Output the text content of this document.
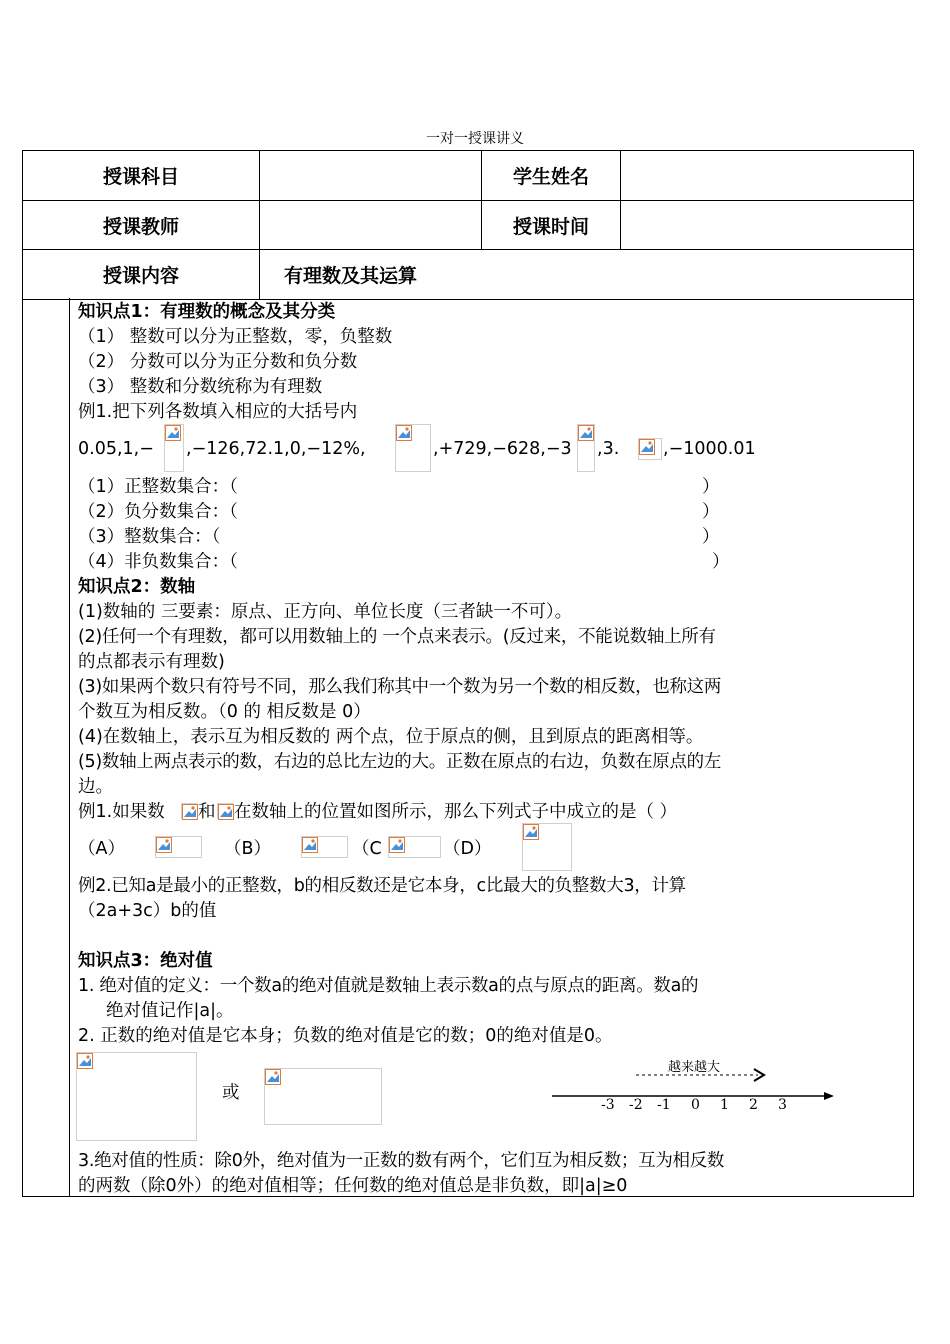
一对一授课讲义
授课科目		学生姓名	
授课教师		授课时间	
授课内容	有理数及其运算		
知识点1：有理数的概念及其分类
（1） 整数可以分为正整数，零，负整数
（2） 分数可以分为正分数和负分数
（3） 整数和分数统称为有理数
例1.把下列各数填入相应的大括号内
0.05,1,− ,−126,72.1,0,−12%,	,+729,−628,−3 ,3. ,−1000.01
（1）正整数集合：（	）
（2）负分数集合：（	）
（3）整数集合：（	）
（4）非负数集合：（	）
知识点2：数轴
(1)数轴的 三要素：原点、正方向、单位长度（三者缺一不可）。
(2)任何一个有理数，都可以用数轴上的 一个点来表示。(反过来，不能说数轴上所有
的点都表示有理数)
(3)如果两个数只有符号不同，那么我们称其中一个数为另一个数的相反数，也称这两
个数互为相反数。（0 的 相反数是 0）
(4)在数轴上，表示互为相反数的 两个点，位于原点的侧，且到原点的距离相等。
(5)数轴上两点表示的数，右边的总比左边的大。正数在原点的右边，负数在原点的左
边。
例1.如果数 和 在数轴上的位置如图所示，那么下列式子中成立的是（ ）
（A）	（B）	（C	（D）
例2.已知a是最小的正整数，b的相反数还是它本身，c比最大的负整数大3，计算
（2a+3c）b的值
知识点3：绝对值
1. 绝对值的定义：一个数a的绝对值就是数轴上表示数a的点与原点的距离。数a的
绝对值记作|a|。
2. 正数的绝对值是它本身；负数的绝对值是它的数；0的绝对值是0。
或
越来越大
-3 -2 -1 0 1 2 3
3.绝对值的性质：除0外，绝对值为一正数的数有两个，它们互为相反数；互为相反数
的两数（除0外）的绝对值相等；任何数的绝对值总是非负数，即|a|≥0
